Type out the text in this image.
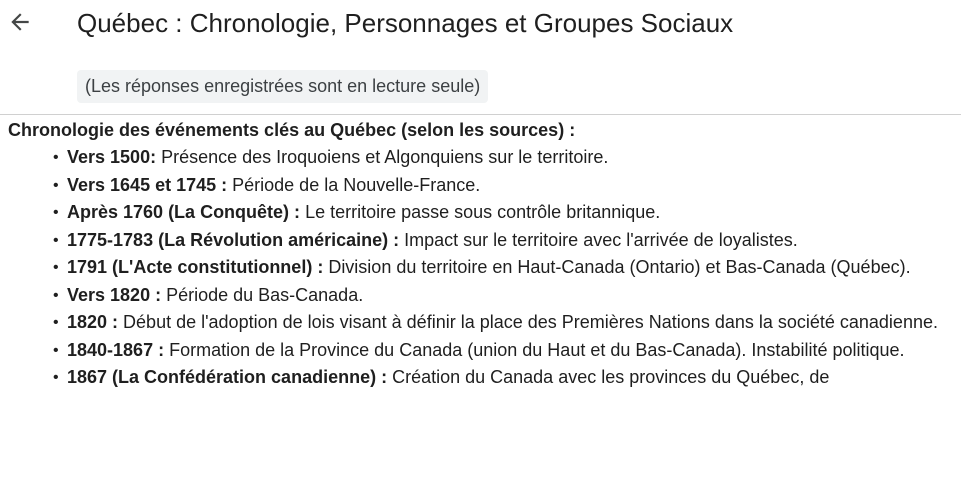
Québec : Chronologie, Personnages et Groupes Sociaux
(Les réponses enregistrées sont en lecture seule)

Chronologie des événements clés au Québec (selon les sources) :

• Vers 1500: Présence des Iroquoiens et Algonquiens sur le territoire.
• Vers 1645 et 1745 : Période de la Nouvelle-France.
• Après 1760 (La Conquête) : Le territoire passe sous contrôle britannique.
• 1775-1783 (La Révolution américaine) : Impact sur le territoire avec l'arrivée de loyalistes.
• 1791 (L'Acte constitutionnel) : Division du territoire en Haut-Canada (Ontario) et Bas-Canada (Québec).
• Vers 1820 : Période du Bas-Canada.
• 1820 : Début de l'adoption de lois visant à définir la place des Premières Nations dans la société canadienne.
• 1840-1867 : Formation de la Province du Canada (union du Haut et du Bas-Canada). Instabilité politique.
• 1867 (La Confédération canadienne) : Création du Canada avec les provinces du Québec, de
